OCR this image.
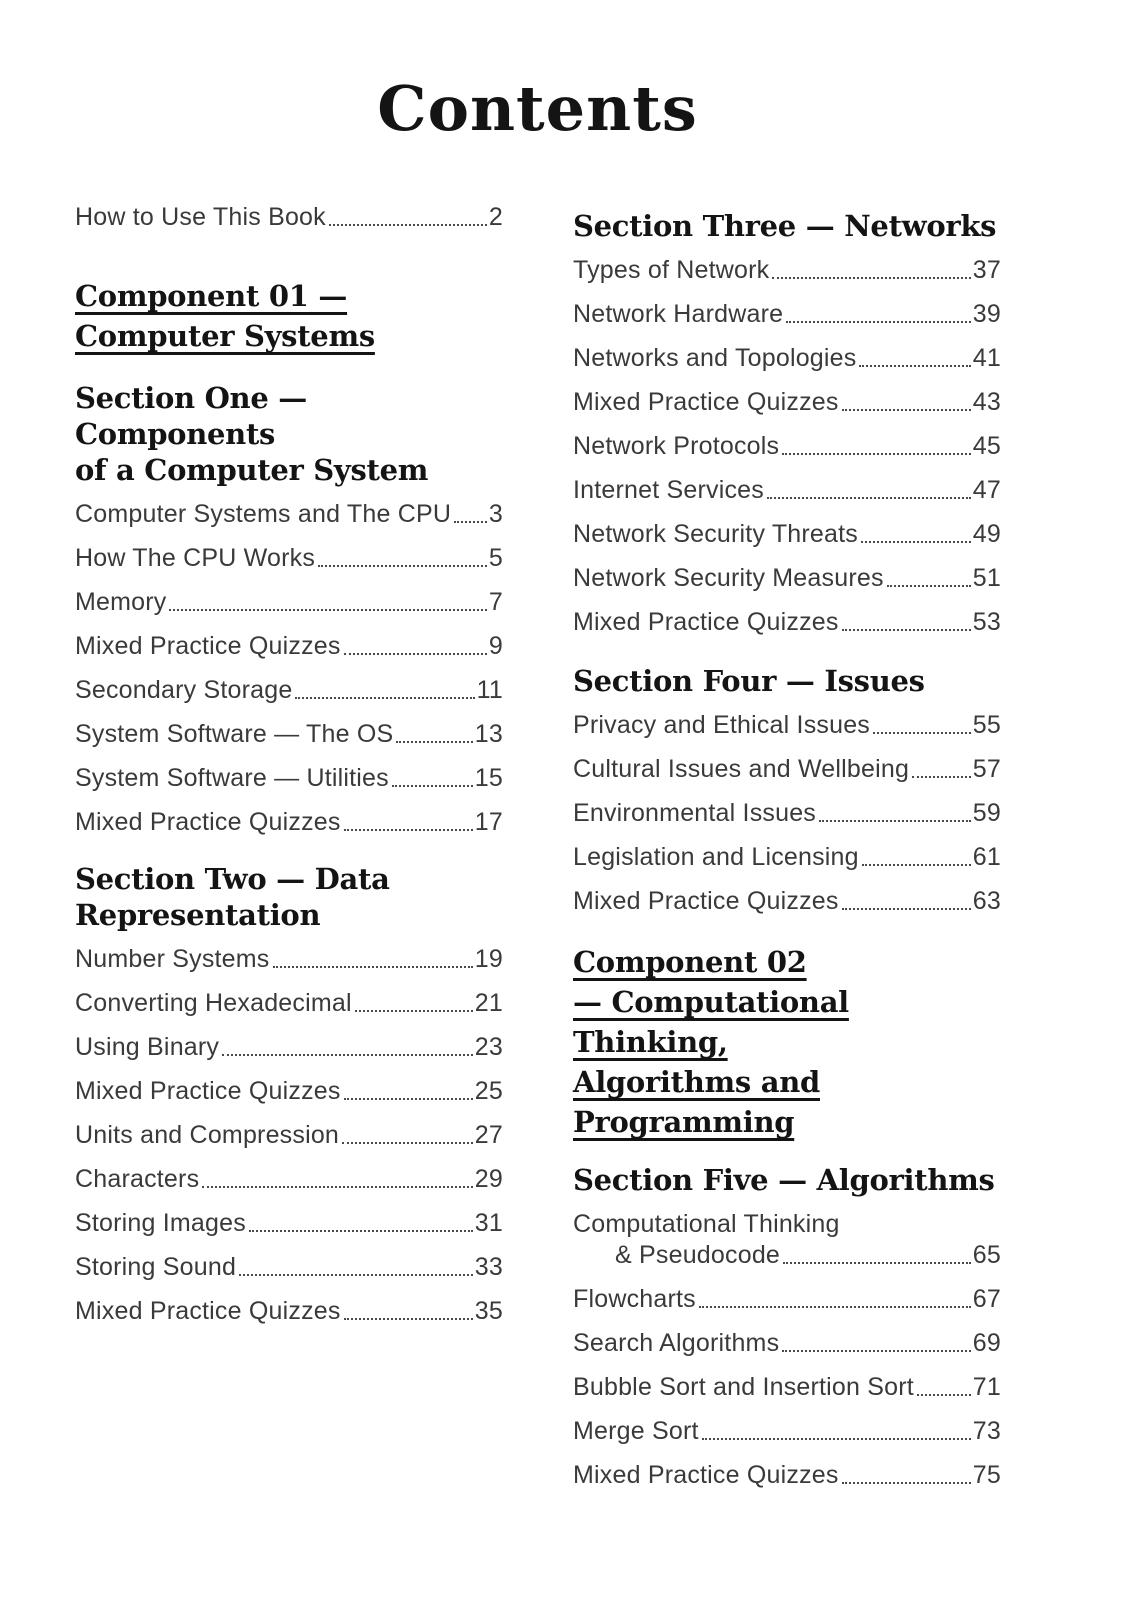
Contents
How to Use This Book	2
Component 01 —
Computer Systems
Section One — Components
of a Computer System
Computer Systems and The CPU 3
How The CPU Works	5
Memory	7
Mixed Practice Quizzes	9
Secondary Storage	11
System Software — The OS	13
System Software — Utilities	15
Mixed Practice Quizzes	17
Section Two — Data
Representation
Number Systems	19
Converting Hexadecimal	21
Using Binary	23
Mixed Practice Quizzes	25
Units and Compression	27
Characters	29
Storing Images	31
Storing Sound	33
Mixed Practice Quizzes	35
Section Three — Networks
Types of Network	37
Network Hardware	39
Networks and Topologies	41
Mixed Practice Quizzes	43
Network Protocols	45
Internet Services	47
Network Security Threats	49
Network Security Measures	51
Mixed Practice Quizzes	53
Section Four — Issues
Privacy and Ethical Issues	55
Cultural Issues and Wellbeing	57
Environmental Issues	59
Legislation and Licensing	61
Mixed Practice Quizzes	63
Component 02
— Computational Thinking,
Algorithms and Programming
Section Five — Algorithms
Computational Thinking
& Pseudocode	65
Flowcharts	67
Search Algorithms	69
Bubble Sort and Insertion Sort 71
Merge Sort	73
Mixed Practice Quizzes	75
